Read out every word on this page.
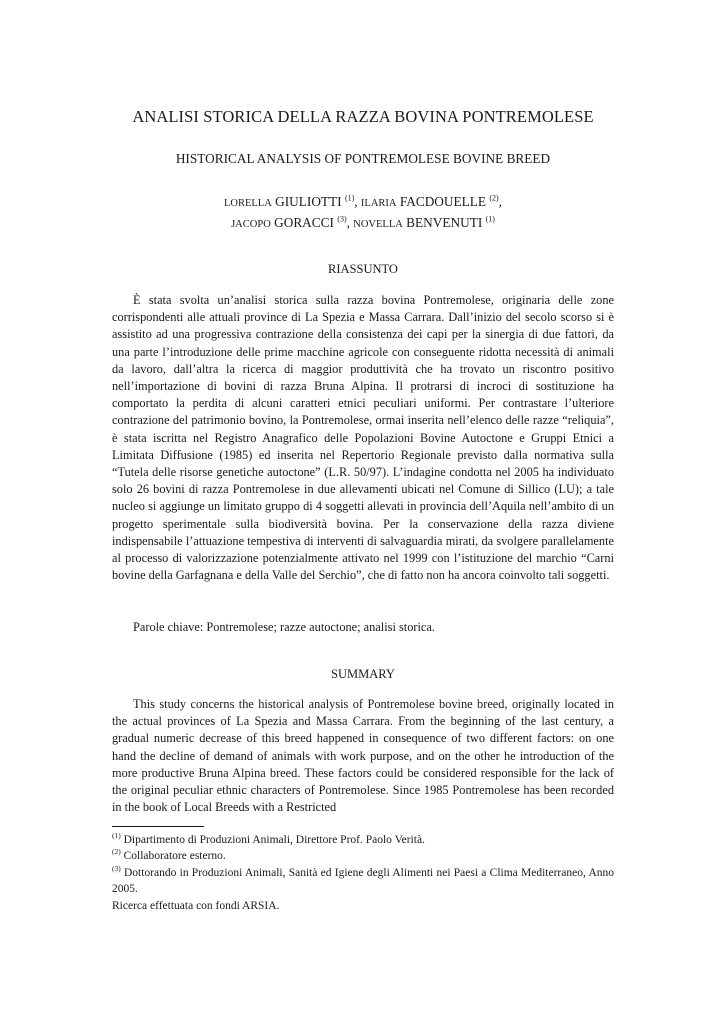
ANALISI STORICA DELLA RAZZA BOVINA PONTREMOLESE
HISTORICAL ANALYSIS OF PONTREMOLESE BOVINE BREED
LORELLA GIULIOTTI $^{(1)}$, ILARIA FACDOUELLE $^{(2)}$,
JACOPO GORACCI $^{(3)}$, NOVELLA BENVENUTI $^{(1)}$
RIASSUNTO

È stata svolta un’analisi storica sulla razza bovina Pontremolese, originaria delle zone corrispondenti alle attuali province di La Spezia e Massa Carrara. Dall’inizio del secolo scorso si è assistito ad una progressiva contrazione della consistenza dei capi per la sinergia di due fattori, da una parte l’introduzione delle prime macchine agricole con conseguente ridotta necessità di animali da lavoro, dall’altra la ricerca di maggior produttività che ha trovato un riscontro positivo nell’importazione di bovini di razza Bruna Alpina. Il protrarsi di incroci di sostituzione ha comportato la perdita di alcuni caratteri etnici peculiari uniformi. Per contrastare l’ulteriore contrazione del patrimonio bovino, la Pontremolese, ormai inserita nell’elenco delle razze “reliquia”, è stata iscritta nel Registro Anagrafico delle Popolazioni Bovine Autoctone e Gruppi Etnici a Limitata Diffusione (1985) ed inserita nel Repertorio Regionale previsto dalla normativa sulla “Tutela delle risorse genetiche autoctone” (L.R. 50/97). L’indagine condotta nel 2005 ha individuato solo 26 bovini di razza Pontremolese in due allevamenti ubicati nel Comune di Sillico (LU); a tale nucleo si aggiunge un limitato gruppo di 4 soggetti allevati in provincia dell’Aquila nell’ambito di un progetto sperimentale sulla biodiversità bovina. Per la conservazione della razza diviene indispensabile l’attuazione tempestiva di interventi di salvaguardia mirati, da svolgere parallelamente al processo di valorizzazione potenzialmente attivato nel 1999 con l’istituzione del marchio “Carni bovine della Garfagnana e della Valle del Serchio”, che di fatto non ha ancora coinvolto tali soggetti.

Parole chiave: Pontremolese; razze autoctone; analisi storica.

SUMMARY

This study concerns the historical analysis of Pontremolese bovine breed, originally located in the actual provinces of La Spezia and Massa Carrara. From the beginning of the last century, a gradual numeric decrease of this breed happened in consequence of two different factors: on one hand the decline of demand of animals with work purpose, and on the other he introduction of the more productive Bruna Alpina breed. These factors could be considered responsible for the lack of the original peculiar ethnic characters of Pontremolese. Since 1985 Pontremolese has been recorded in the book of Local Breeds with a Restricted

$^{(1)}$ Dipartimento di Produzioni Animali, Direttore Prof. Paolo Verità.

$^{(2)}$ Collaboratore esterno.

$^{(3)}$ Dottorando in Produzioni Animali, Sanità ed Igiene degli Alimenti nei Paesi a Clima Mediterraneo, Anno 2005.

Ricerca effettuata con fondi ARSIA.
